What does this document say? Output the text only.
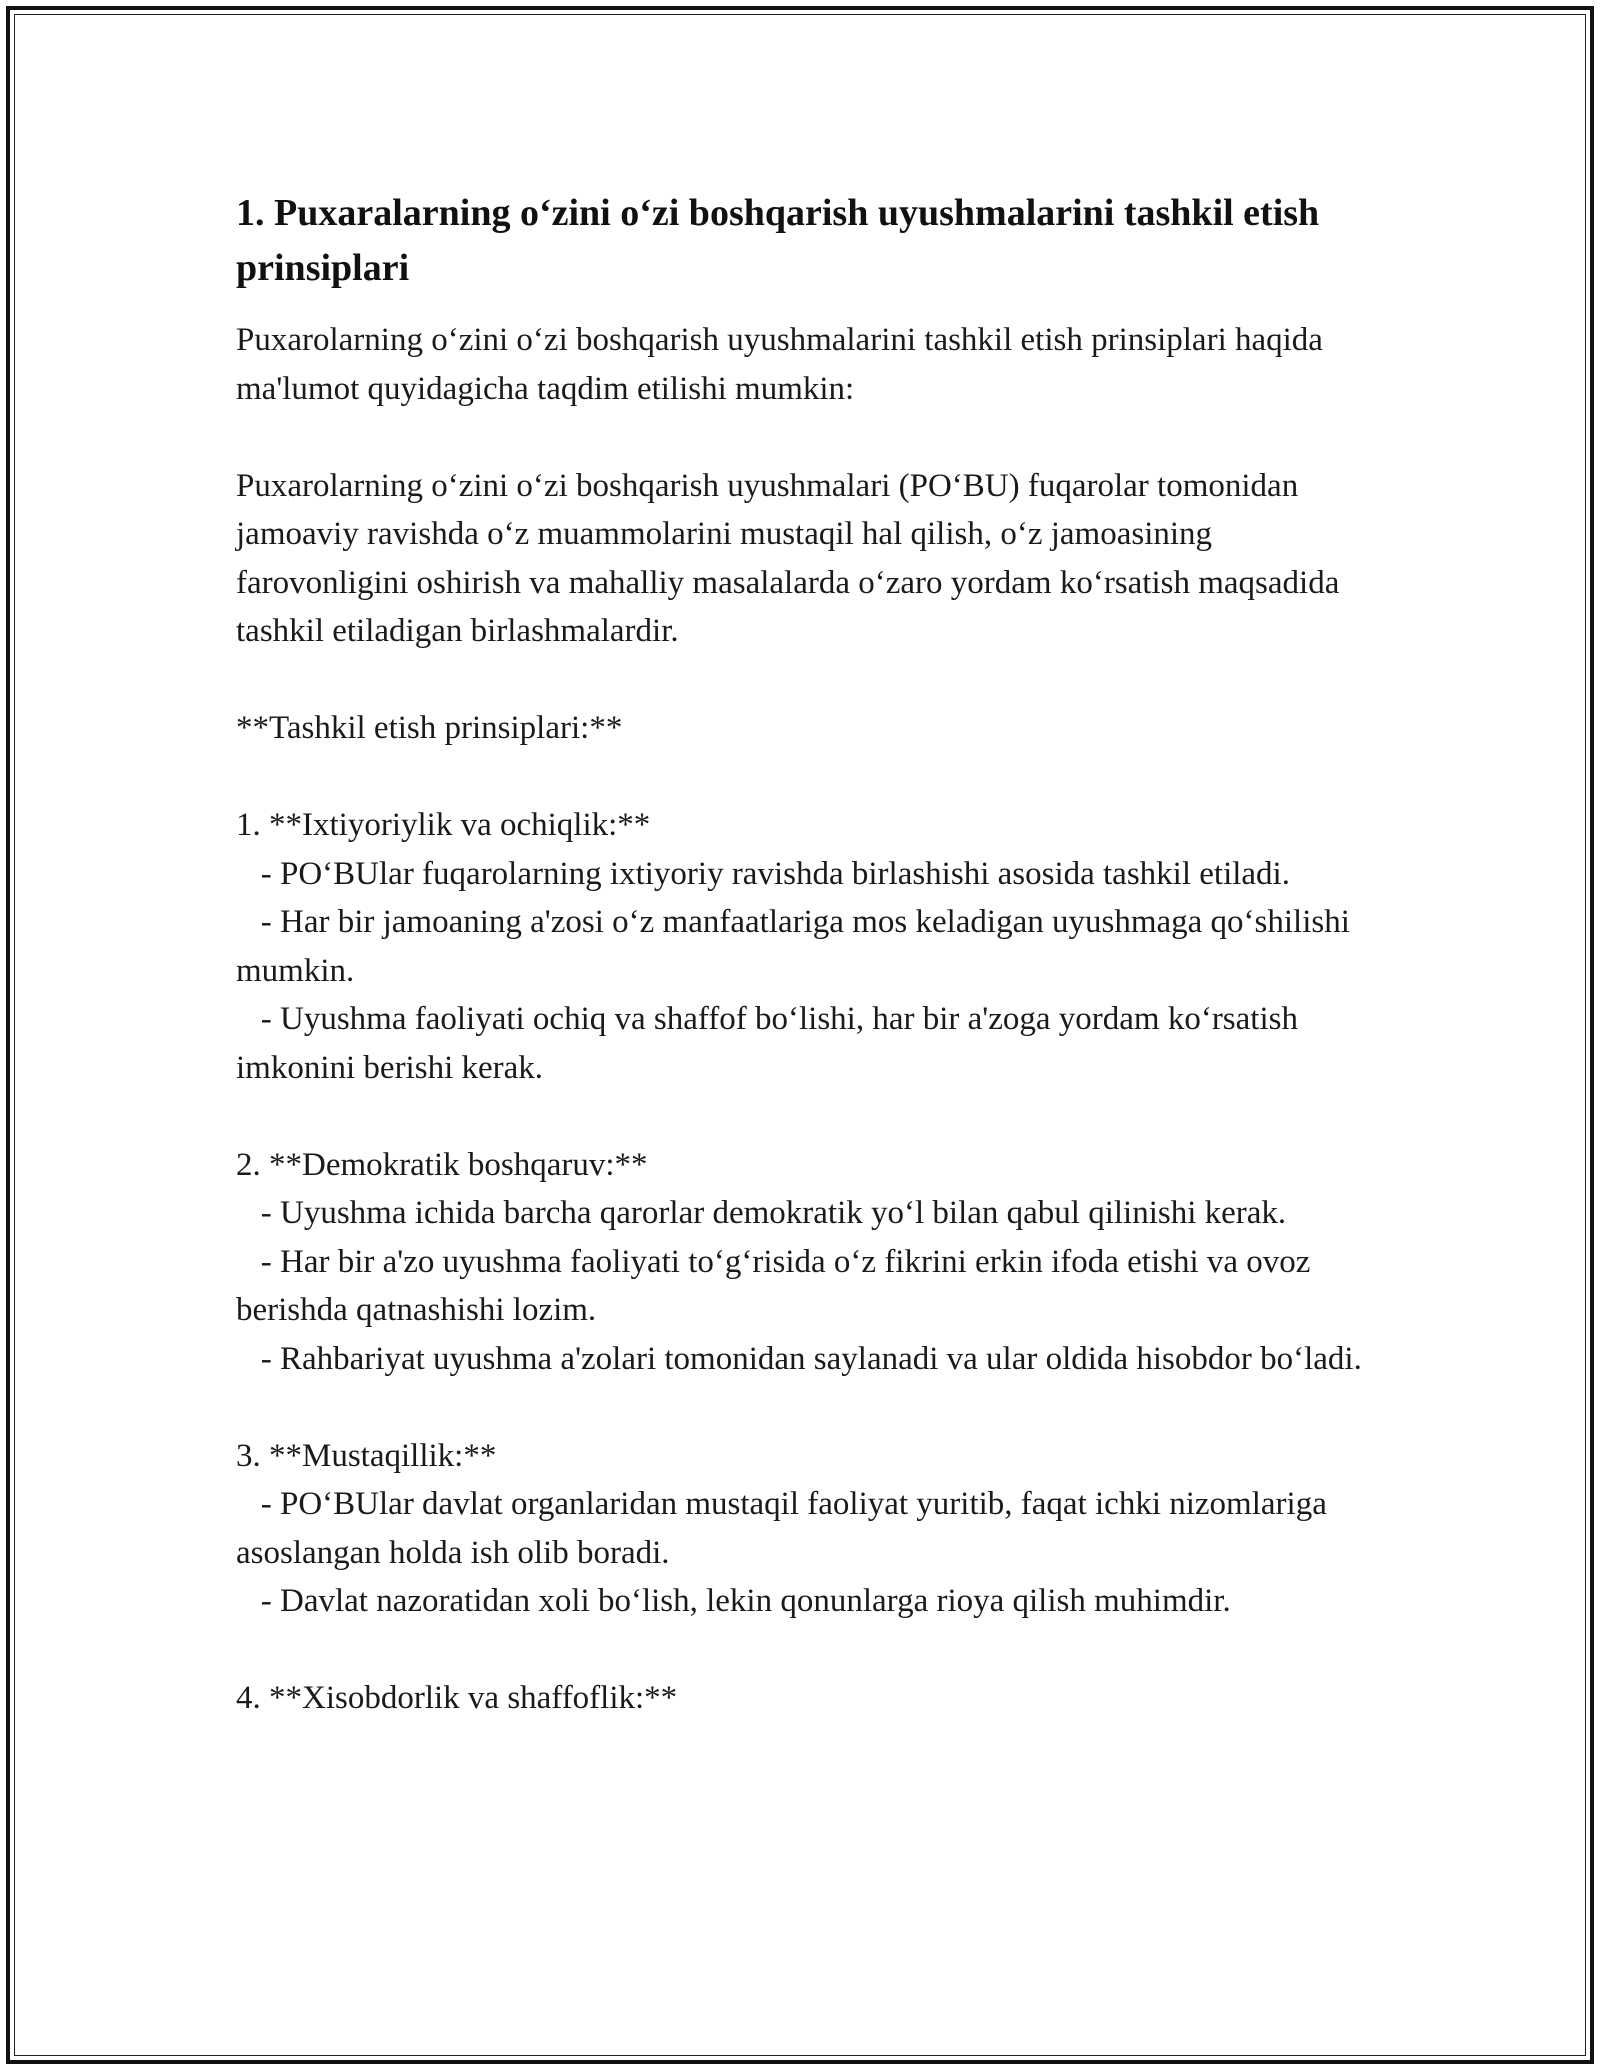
1. Puxaralarning o‘zini o‘zi boshqarish uyushmalarini tashkil etish prinsiplari

Puxarolarning o‘zini o‘zi boshqarish uyushmalarini tashkil etish prinsiplari haqida ma'lumot quyidagicha taqdim etilishi mumkin:

Puxarolarning o‘zini o‘zi boshqarish uyushmalari (PO‘BU) fuqarolar tomonidan jamoaviy ravishda o‘z muammolarini mustaqil hal qilish, o‘z jamoasining farovonligini oshirish va mahalliy masalalarda o‘zaro yordam ko‘rsatish maqsadida tashkil etiladigan birlashmalardir.

**Tashkil etish prinsiplari:**

1. **Ixtiyoriylik va ochiqlik:**

- PO‘BUlar fuqarolarning ixtiyoriy ravishda birlashishi asosida tashkil etiladi.

- Har bir jamoaning a'zosi o‘z manfaatlariga mos keladigan uyushmaga qo‘shilishi mumkin.

- Uyushma faoliyati ochiq va shaffof bo‘lishi, har bir a'zoga yordam ko‘rsatish imkonini berishi kerak.

2. **Demokratik boshqaruv:**

- Uyushma ichida barcha qarorlar demokratik yo‘l bilan qabul qilinishi kerak.

- Har bir a'zo uyushma faoliyati to‘g‘risida o‘z fikrini erkin ifoda etishi va ovoz berishda qatnashishi lozim.

- Rahbariyat uyushma a'zolari tomonidan saylanadi va ular oldida hisobdor bo‘ladi.

3. **Mustaqillik:**

- PO‘BUlar davlat organlaridan mustaqil faoliyat yuritib, faqat ichki nizomlariga asoslangan holda ish olib boradi.

- Davlat nazoratidan xoli bo‘lish, lekin qonunlarga rioya qilish muhimdir.

4. **Xisobdorlik va shaffoflik:**
